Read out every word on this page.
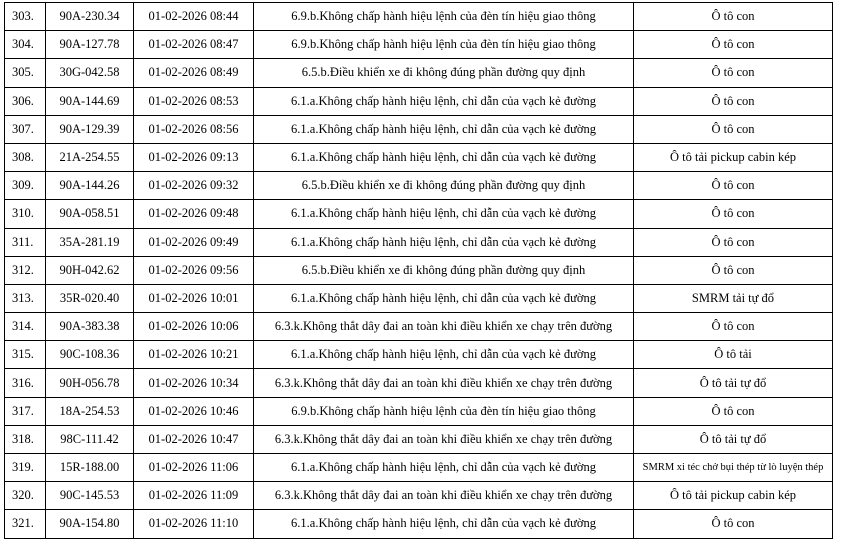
303.	90A-230.34	01-02-2026 08:44	6.9.b.Không chấp hành hiệu lệnh của đèn tín hiệu giao thông	Ô tô con
304.	90A-127.78	01-02-2026 08:47	6.9.b.Không chấp hành hiệu lệnh của đèn tín hiệu giao thông	Ô tô con
305.	30G-042.58	01-02-2026 08:49	6.5.b.Điều khiển xe đi không đúng phần đường quy định	Ô tô con
306.	90A-144.69	01-02-2026 08:53	6.1.a.Không chấp hành hiệu lệnh, chỉ dẫn của vạch kẻ đường	Ô tô con
307.	90A-129.39	01-02-2026 08:56	6.1.a.Không chấp hành hiệu lệnh, chỉ dẫn của vạch kẻ đường	Ô tô con
308.	21A-254.55	01-02-2026 09:13	6.1.a.Không chấp hành hiệu lệnh, chỉ dẫn của vạch kẻ đường	Ô tô tải pickup cabin kép
309.	90A-144.26	01-02-2026 09:32	6.5.b.Điều khiển xe đi không đúng phần đường quy định	Ô tô con
310.	90A-058.51	01-02-2026 09:48	6.1.a.Không chấp hành hiệu lệnh, chỉ dẫn của vạch kẻ đường	Ô tô con
311.	35A-281.19	01-02-2026 09:49	6.1.a.Không chấp hành hiệu lệnh, chỉ dẫn của vạch kẻ đường	Ô tô con
312.	90H-042.62	01-02-2026 09:56	6.5.b.Điều khiển xe đi không đúng phần đường quy định	Ô tô con
313.	35R-020.40	01-02-2026 10:01	6.1.a.Không chấp hành hiệu lệnh, chỉ dẫn của vạch kẻ đường	SMRM tải tự đổ
314.	90A-383.38	01-02-2026 10:06	6.3.k.Không thắt dây đai an toàn khi điều khiển xe chạy trên đường	Ô tô con
315.	90C-108.36	01-02-2026 10:21	6.1.a.Không chấp hành hiệu lệnh, chỉ dẫn của vạch kẻ đường	Ô tô tải
316.	90H-056.78	01-02-2026 10:34	6.3.k.Không thắt dây đai an toàn khi điều khiển xe chạy trên đường	Ô tô tải tự đổ
317.	18A-254.53	01-02-2026 10:46	6.9.b.Không chấp hành hiệu lệnh của đèn tín hiệu giao thông	Ô tô con
318.	98C-111.42	01-02-2026 10:47	6.3.k.Không thắt dây đai an toàn khi điều khiển xe chạy trên đường	Ô tô tải tự đổ
319.	15R-188.00	01-02-2026 11:06	6.1.a.Không chấp hành hiệu lệnh, chỉ dẫn của vạch kẻ đường	SMRM xi téc chở bụi thép từ lò luyện thép
320.	90C-145.53	01-02-2026 11:09	6.3.k.Không thắt dây đai an toàn khi điều khiển xe chạy trên đường	Ô tô tải pickup cabin kép
321.	90A-154.80	01-02-2026 11:10	6.1.a.Không chấp hành hiệu lệnh, chỉ dẫn của vạch kẻ đường	Ô tô con
